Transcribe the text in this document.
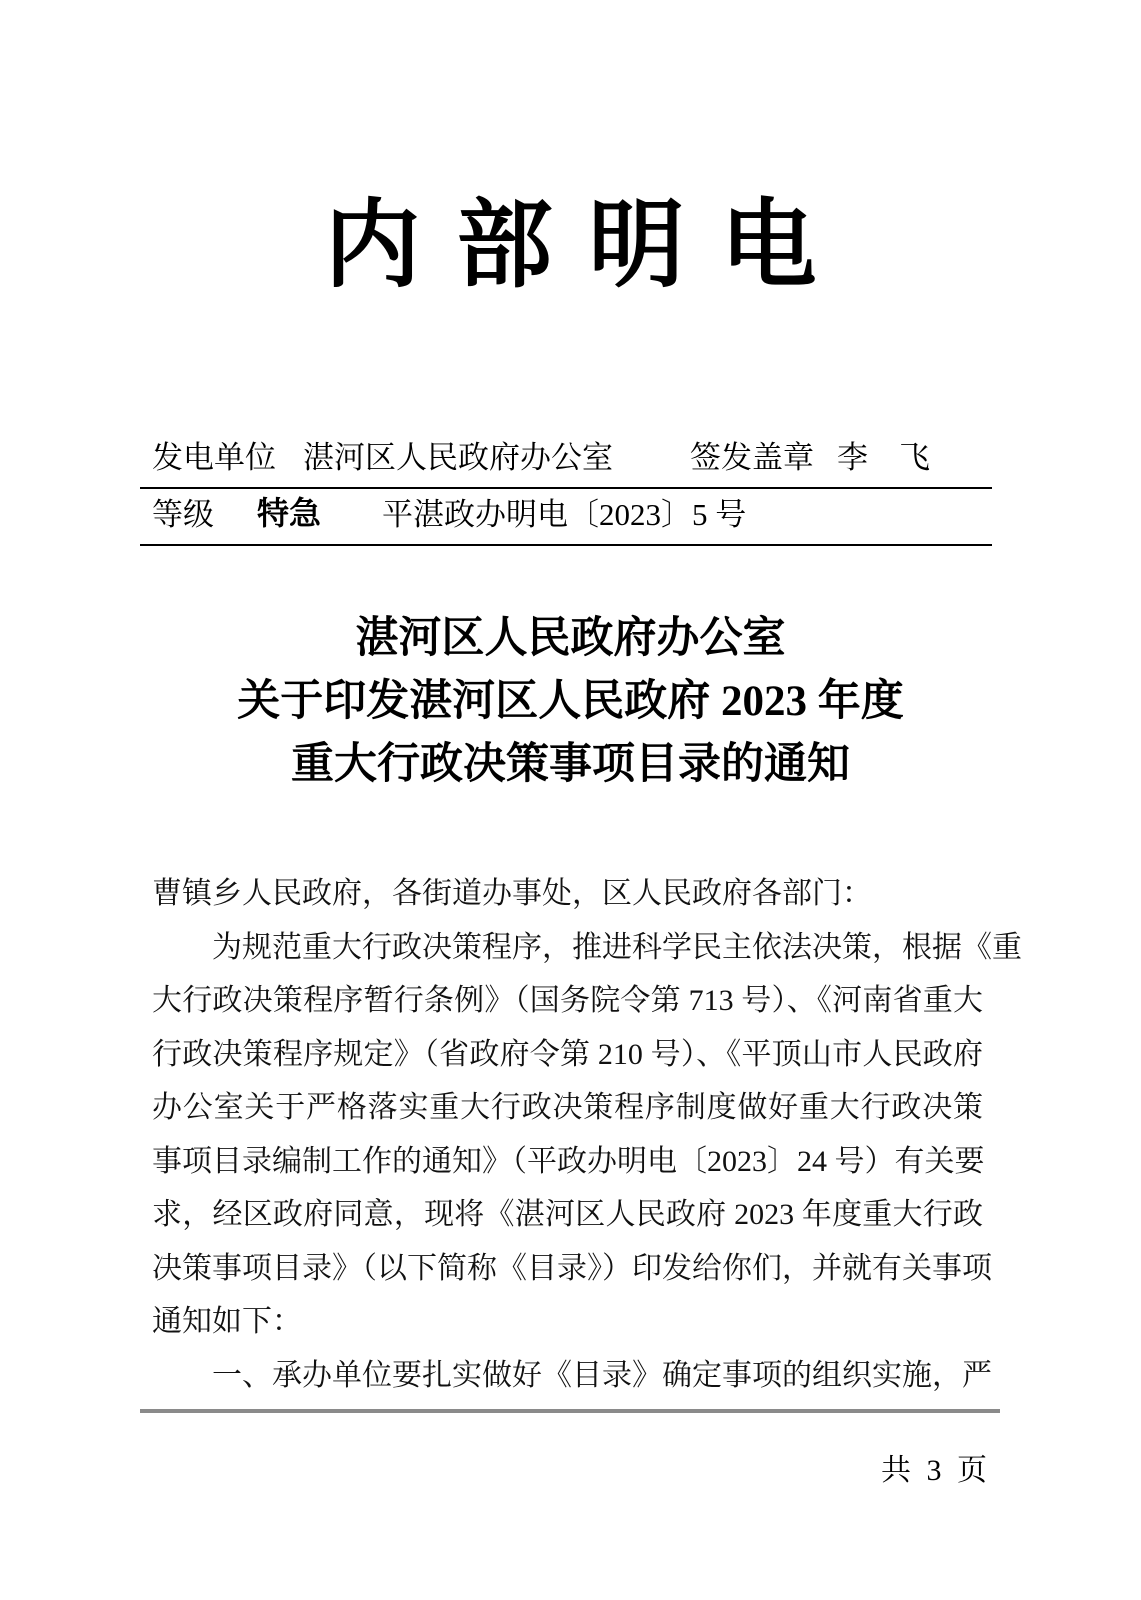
内部明电
发电单位 湛河区人民政府办公室 签发盖章 李　飞
等级 特急 平湛政办明电〔2023〕5 号
湛河区人民政府办公室
关于印发湛河区人民政府 2023 年度
重大行政决策事项目录的通知
曹镇乡人民政府，各街道办事处，区人民政府各部门：
为规范重大行政决策程序，推进科学民主依法决策，根据《重
大行政决策程序暂行条例》（国务院令第 713 号）、《河南省重大
行政决策程序规定》（省政府令第 210 号）、《平顶山市人民政府
办公室关于严格落实重大行政决策程序制度做好重大行政决策
事项目录编制工作的通知》（平政办明电〔2023〕24 号）有关要
求，经区政府同意，现将《湛河区人民政府 2023 年度重大行政
决策事项目录》（以下简称《目录》）印发给你们，并就有关事项
通知如下：
一、承办单位要扎实做好《目录》确定事项的组织实施，严
共 3 页
